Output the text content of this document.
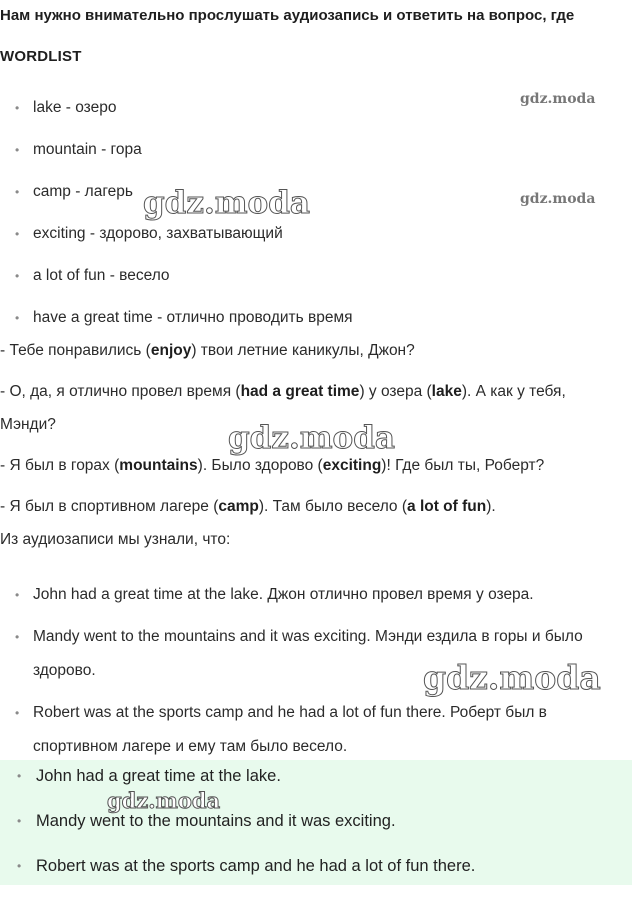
Нам нужно внимательно прослушать аудиозапись и ответить на вопрос, где
WORDLIST
• lake - озеро
• mountain - гора
• camp - лагерь
• exciting - здорово, захватывающий
• a lot of fun - весело
• have a great time - отлично проводить время
- Тебе понравились (enjoy) твои летние каникулы, Джон?
- О, да, я отлично провел время (had a great time) у озера (lake). А как у тебя,
Мэнди?
- Я был в горах (mountains). Было здорово (exciting)! Где был ты, Роберт?
- Я был в спортивном лагере (camp). Там было весело (a lot of fun).
Из аудиозаписи мы узнали, что:
• John had a great time at the lake. Джон отлично провел время у озера.
• Mandy went to the mountains and it was exciting. Мэнди ездила в горы и было здорово.
• Robert was at the sports camp and he had a lot of fun there. Роберт был в спортивном лагере и ему там было весело.
• John had a great time at the lake.
• Mandy went to the mountains and it was exciting.
• Robert was at the sports camp and he had a lot of fun there.
gdz.moda
gdz.moda
gdz.moda
gdz.moda
gdz.moda
gdz.moda
